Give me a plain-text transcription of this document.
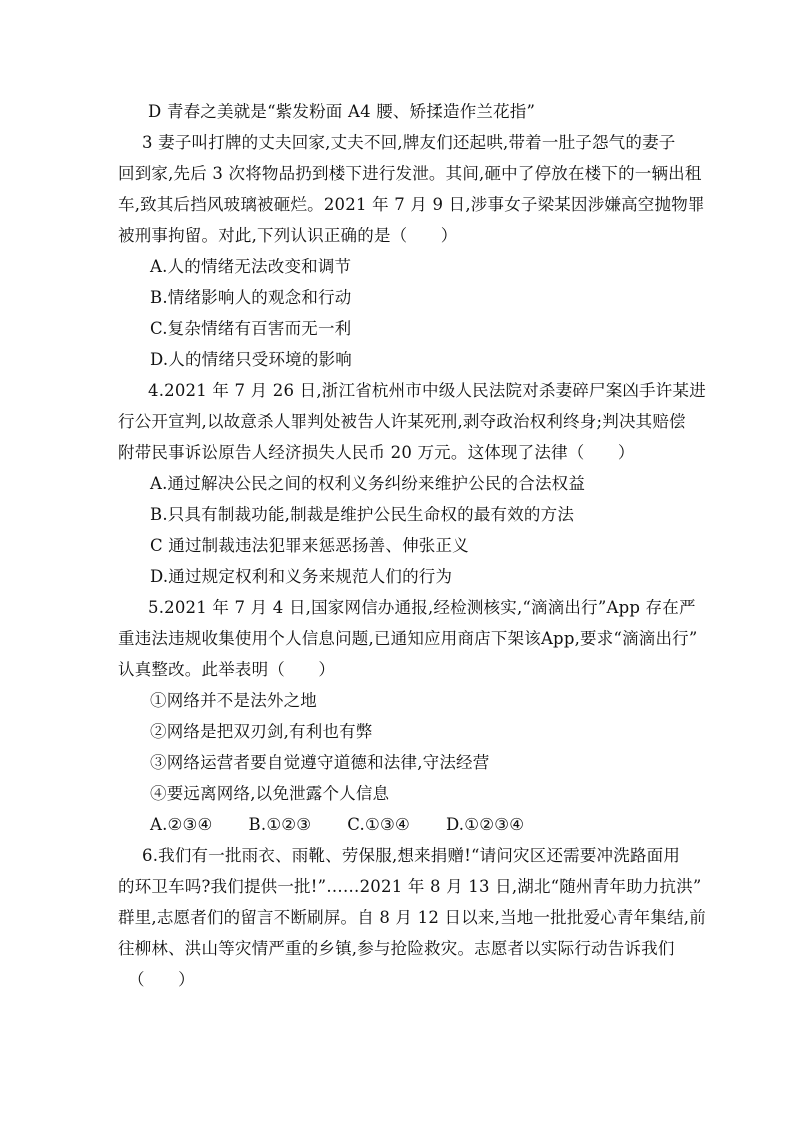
D 青春之美就是“紫发粉面 A4 腰、矫揉造作兰花指”
3 妻子叫打牌的丈夫回家,丈夫不回,牌友们还起哄,带着一肚子怨气的妻子
回到家,先后 3 次将物品扔到楼下进行发泄。其间,砸中了停放在楼下的一辆出租
车,致其后挡风玻璃被砸烂。2021 年 7 月 9 日,涉事女子梁某因涉嫌高空抛物罪
被刑事拘留。对此,下列认识正确的是（　　）
A.人的情绪无法改变和调节
B.情绪影响人的观念和行动
C.复杂情绪有百害而无一利
D.人的情绪只受环境的影响
4.2021 年 7 月 26 日,浙江省杭州市中级人民法院对杀妻碎尸案凶手许某进
行公开宣判,以故意杀人罪判处被告人许某死刑,剥夺政治权利终身;判决其赔偿
附带民事诉讼原告人经济损失人民币 20 万元。这体现了法律（　　）
A.通过解决公民之间的权利义务纠纷来维护公民的合法权益
B.只具有制裁功能,制裁是维护公民生命权的最有效的方法
C 通过制裁违法犯罪来惩恶扬善、伸张正义
D.通过规定权利和义务来规范人们的行为
5.2021 年 7 月 4 日,国家网信办通报,经检测核实,“滴滴出行”App 存在严
重违法违规收集使用个人信息问题,已通知应用商店下架该App,要求“滴滴出行”
认真整改。此举表明（　　）
①网络并不是法外之地
②网络是把双刃剑,有利也有弊
③网络运营者要自觉遵守道德和法律,守法经营
④要远离网络,以免泄露个人信息
A.②③④ B.①②③ C.①③④ D.①②③④
6.我们有一批雨衣、雨靴、劳保服,想来捐赠!“请问灾区还需要冲洗路面用
的环卫车吗?我们提供一批!”……2021 年 8 月 13 日,湖北“随州青年助力抗洪”
群里,志愿者们的留言不断刷屏。自 8 月 12 日以来,当地一批批爱心青年集结,前
往柳林、洪山等灾情严重的乡镇,参与抢险救灾。志愿者以实际行动告诉我们
（　　）
